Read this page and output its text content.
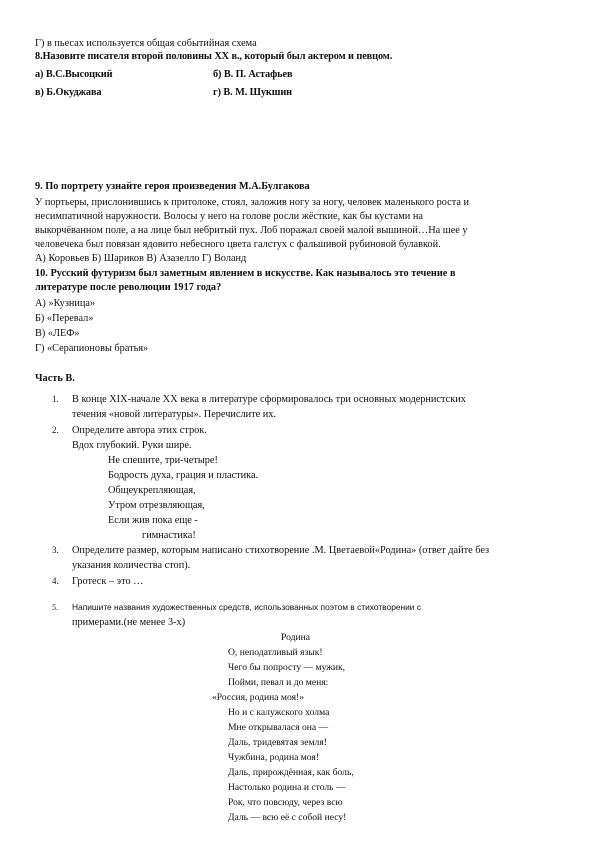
Г) в пьесах используется общая событийная схема
8.Назовите писателя второй половины XX в., который был актером и певцом.
а) В.С.Высоцкий	б) В. П. Астафьев
в) Б.Окуджава	г) В. М. Шукшин
9. По портрету узнайте героя произведения М.А.Булгакова
У портьеры, прислонившись к притолоке, стоял, заложив ногу за ногу, человек маленького роста и
несимпатичной наружности. Волосы у него на голове росли жёсткие, как бы кустами на
выкорчёванном поле, а на лице был небритый пух. Лоб поражал своей малой вышиной…На шее у
человечека был повязан ядовито небесного цвета галстух с фальшивой рубиновой булавкой.
А) Коровьев Б) Шариков В) Азазелло Г) Воланд
10. Русский футуризм был заметным явлением в искусстве. Как называлось это течение в
литературе после революции 1917 года?
А) »Кузница»
Б) «Перевал»
В) «ЛЕФ»
Г) «Серапионовы братья»
Часть В.
1. В конце XIX-начале XX века в литературе сформировалось три основных модернистских
течения «новой литературы». Перечислите их.
2. Определите автора этих строк.
Вдох глубокий. Руки шире.
Не спешите, три-четыре!
Бодрость духа, грация и пластика.
Общеукрепляющая,
Утром отрезвляющая,
Если жив пока еще -
гимнастика!
3. Определите размер, которым написано стихотворение .М. Цветаевой«Родина» (ответ дайте без
указания количества стоп).
4. Гротеск – это …
5. Напишите названия художественных средств, использованных поэтом в стихотворении с
примерами.(не менее 3-х)
Родина
О, неподатливый язык!
Чего бы попросту — мужик,
Пойми, певал и до меня:
«Россия, родина моя!»
Но и с калужского холма
Мне открывалася она —
Даль, тридевятая земля!
Чужбина, родина моя!
Даль, прирождённая, как боль,
Настолько родина и столь —
Рок, что повсюду, через всю
Даль — всю её с собой несу!
